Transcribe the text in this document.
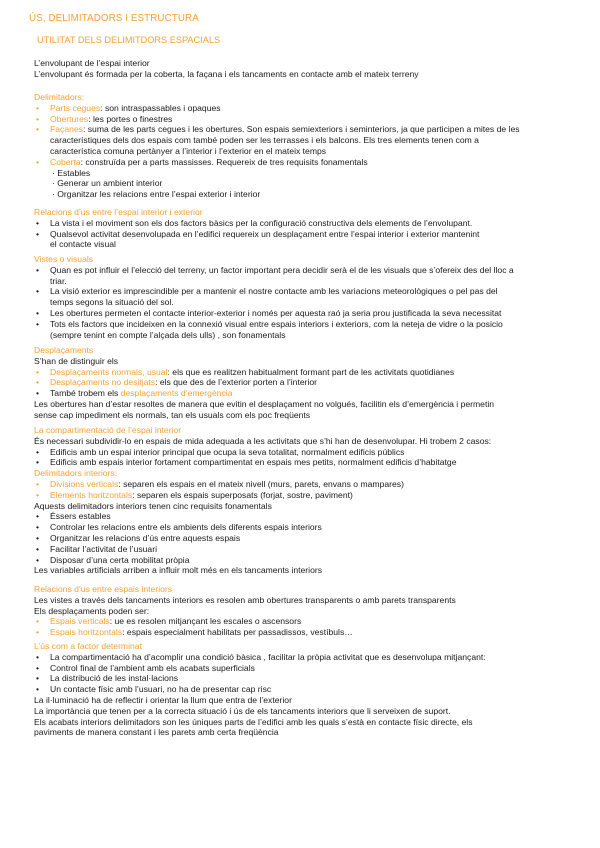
ÚS, DELIMITADORS I ESTRUCTURA
UTILITAT DELS DELIMITDORS ESPACIALS
L’envolupant de l’espai interior
L’envolupant és formada per la coberta, la façana i els tancaments en contacte amb el mateix terreny
Delimitadors:
• Parts cegues: son intraspassables i opaques
• Obertures: les portes o finestres
• Façanes: suma de les parts cegues i les obertures. Son espais semiexteriors i seminteriors, ja que participen a mites de les
característiques dels dos espais com també poden ser les terrasses i els balcons. Els tres elements tenen com a
característica comuna pertànyer a l’interior i l’exterior en el mateix temps
• Coberta: construïda per a parts massisses. Requereix de tres requisits fonamentals
· Estables
· Generar un ambient interior
· Organitzar les relacions entre l’espai exterior i interior
Relacions d’us entre l’espai interior i exterior
• La vista i el moviment son els dos factors bàsics per la configuració constructiva dels elements de l’envolupant.
• Qualsevol activitat desenvolupada en l’edifici requereix un desplaçament entre l’espai interior i exterior mantenint
el contacte visual
Vistes o visuals
• Quan es pot influir el l’elecció del terreny, un factor important pera decidir serà el de les visuals que s’ofereix des del lloc a
triar.
• La visió exterior es imprescindible per a mantenir el nostre contacte amb les variacions meteorològiques o pel pas del
temps segons la situació del sol.
• Les obertures permeten el contacte interior-exterior i només per aquesta raó ja seria prou justificada la seva necessitat
• Tots els factors que incideixen en la connexió visual entre espais interiors i exteriors, com la neteja de vidre o la posicio
(sempre tenint en compte l’alçada dels ulls) , son fonamentals
Desplaçaments
S’han de distinguir els
• Desplaçaments normals, usual: els que es realitzen habitualment formant part de les activitats quotidianes
• Desplaçaments no desitjats: els que des de l’exterior porten a l’interior
• També trobem els desplaçaments d’emergència
Les obertures han d’estar resoltes de manera que evitin el desplaçament no volgués, facilitin els d’emergència i permetin
sense cap impediment els normals, tan els usuals com els poc freqüents
La compartimentació de l’espai interior
És necessari subdividir-lo en espais de mida adequada a les activitats que s’hi han de desenvolupar. Hi trobem 2 casos:
• Edificis amb un espai interior principal que ocupa la seva totalitat, normalment edificis públics
• Edificis amb espais interior fortament compartimentat en espais mes petits, normalment edificis d’habitatge
Delimitadors interiors:
• Divisions verticals: separen els espais en el mateix nivell (murs, parets, envans o mampares)
• Elements horitzontals: separen els espais superposats (forjat, sostre, paviment)
Aquests delimitadors interiors tenen cinc requisits fonamentals
• Éssers estables
• Controlar les relacions entre els ambients dels diferents espais interiors
• Organitzar les relacions d’ús entre aquests espais
• Facilitar l’activitat de l’usuari
• Disposar d’una certa mobilitat pròpia
Les variables artificials arriben a influir molt més en els tancaments interiors
Relacions d’us entre espais interiors
Les vistes a través dels tancaments interiors es resolen amb obertures transparents o amb parets transparents
Els desplaçaments poden ser:
• Espais verticals: ue es resolen mitjançant les escales o ascensors
• Espais horitzontals: espais especialment habilitats per passadissos, vestíbuls…
L’ús com a factor determinat
• La compartimentació ha d’acomplir una condició bàsica , facilitar la pròpia activitat que es desenvolupa mitjançant:
• Control final de l’ambient amb els acabats superficials
• La distribució de les instal·lacions
• Un contacte físic amb l’usuari, no ha de presentar cap risc
La il·luminació ha de reflectir i orientar la llum que entra de l’exterior
La importància que tenen per a la correcta situació i ús de els tancaments interiors que li serveixen de suport.
Els acabats interiors delimitadors son les úniques parts de l’edifici amb les quals s’està en contacte físic directe, els
paviments de manera constant i les parets amb certa freqüència
